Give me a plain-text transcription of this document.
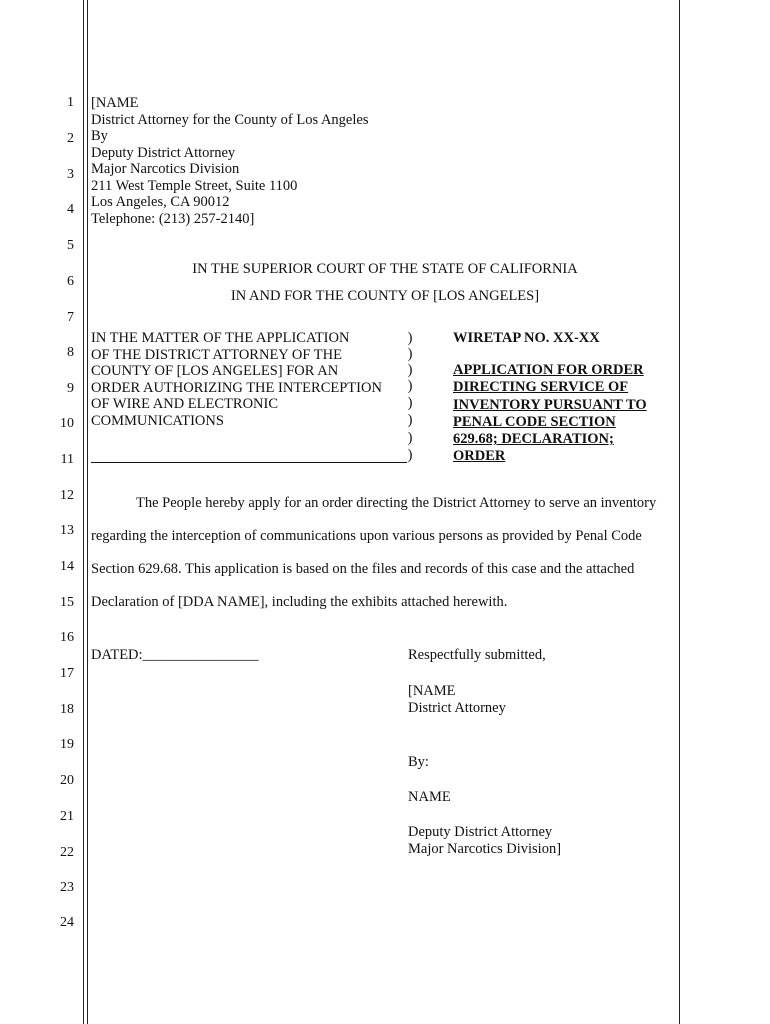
1
2
3
4
5
6
7
8
9
10
11
12
13
14
15
16
17
18
19
20
21
22
23
24
[NAME
District Attorney for the County of Los Angeles
By
Deputy District Attorney
Major Narcotics Division
211 West Temple Street, Suite 1100
Los Angeles, CA 90012
Telephone: (213) 257-2140]
IN THE SUPERIOR COURT OF THE STATE OF CALIFORNIA
IN AND FOR THE COUNTY OF [LOS ANGELES]
IN THE MATTER OF THE APPLICATION
OF THE DISTRICT ATTORNEY OF THE
COUNTY OF [LOS ANGELES] FOR AN
ORDER AUTHORIZING THE INTERCEPTION
OF WIRE AND ELECTRONIC
COMMUNICATIONS
)
)
)
)
)
)
)
)
WIRETAP NO. XX-XX
APPLICATION FOR ORDER
DIRECTING SERVICE OF
INVENTORY PURSUANT TO
PENAL CODE SECTION
629.68; DECLARATION;
ORDER
The People hereby apply for an order directing the District Attorney to serve an inventory
regarding the interception of communications upon various persons as provided by Penal Code
Section 629.68. This application is based on the files and records of this case and the attached
Declaration of [DDA NAME], including the exhibits attached herewith.
DATED:________________	Respectfully submitted,
[NAME
District Attorney
By:
NAME
Deputy District Attorney
Major Narcotics Division]
